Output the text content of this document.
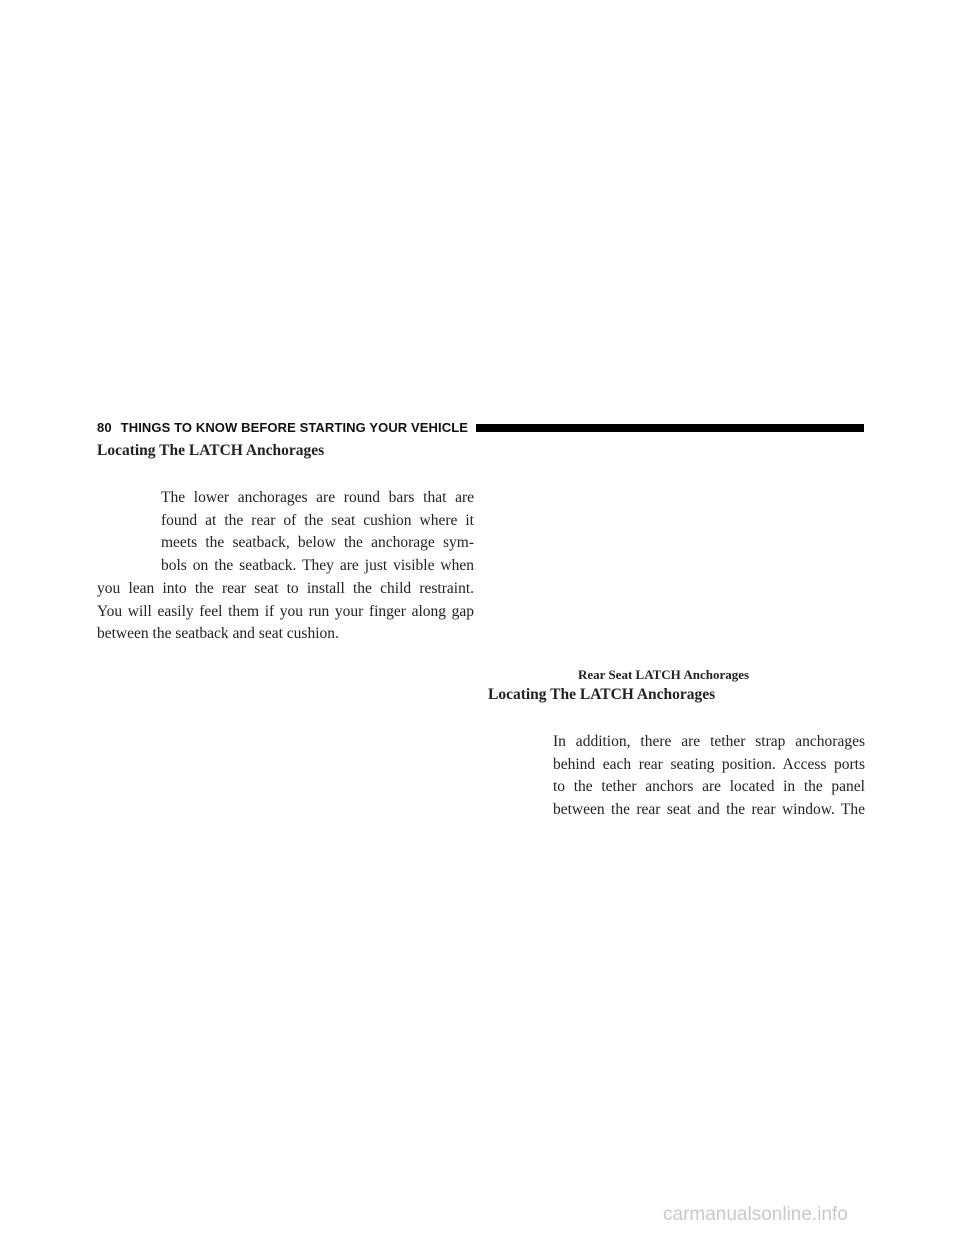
80 THINGS TO KNOW BEFORE STARTING YOUR VEHICLE
Locating The LATCH Anchorages

The lower anchorages are round bars that are
found at the rear of the seat cushion where it
meets the seatback, below the anchorage sym-
bols on the seatback. They are just visible when
you lean into the rear seat to install the child restraint.
You will easily feel them if you run your finger along gap
between the seatback and seat cushion.

Rear Seat LATCH Anchorages
Locating The LATCH Anchorages

In addition, there are tether strap anchorages
behind each rear seating position. Access ports
to the tether anchors are located in the panel
between the rear seat and the rear window. The

carmanualsonline.info
